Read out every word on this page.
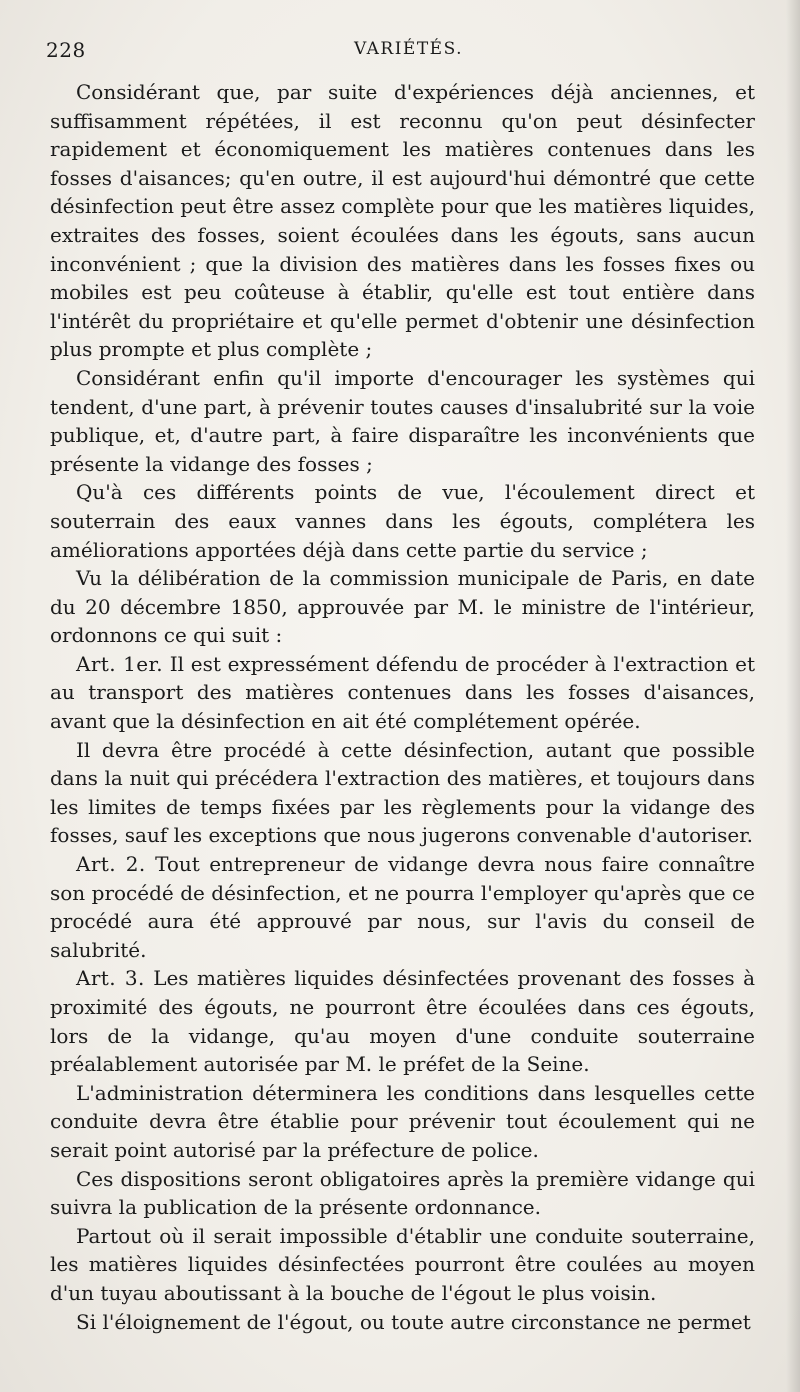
228	VARIÉTÉS.

Considérant que, par suite d'expériences déjà anciennes, et suffisamment répétées, il est reconnu qu'on peut désinfecter rapidement et économiquement les matières contenues dans les fosses d'aisances; qu'en outre, il est aujourd'hui démontré que cette désinfection peut être assez complète pour que les matières liquides, extraites des fosses, soient écoulées dans les égouts, sans aucun inconvénient ; que la division des matières dans les fosses fixes ou mobiles est peu coûteuse à établir, qu'elle est tout entière dans l'intérêt du propriétaire et qu'elle permet d'obtenir une désinfection plus prompte et plus complète ;

Considérant enfin qu'il importe d'encourager les systèmes qui tendent, d'une part, à prévenir toutes causes d'insalubrité sur la voie publique, et, d'autre part, à faire disparaître les inconvénients que présente la vidange des fosses ;

Qu'à ces différents points de vue, l'écoulement direct et souterrain des eaux vannes dans les égouts, complétera les améliorations apportées déjà dans cette partie du service ;

Vu la délibération de la commission municipale de Paris, en date du 20 décembre 1850, approuvée par M. le ministre de l'intérieur, ordonnons ce qui suit :

Art. 1er. Il est expressément défendu de procéder à l'extraction et au transport des matières contenues dans les fosses d'aisances, avant que la désinfection en ait été complétement opérée.

Il devra être procédé à cette désinfection, autant que possible dans la nuit qui précédera l'extraction des matières, et toujours dans les limites de temps fixées par les règlements pour la vidange des fosses, sauf les exceptions que nous jugerons convenable d'autoriser.

Art. 2. Tout entrepreneur de vidange devra nous faire connaître son procédé de désinfection, et ne pourra l'employer qu'après que ce procédé aura été approuvé par nous, sur l'avis du conseil de salubrité.

Art. 3. Les matières liquides désinfectées provenant des fosses à proximité des égouts, ne pourront être écoulées dans ces égouts, lors de la vidange, qu'au moyen d'une conduite souterraine préalablement autorisée par M. le préfet de la Seine.

L'administration déterminera les conditions dans lesquelles cette conduite devra être établie pour prévenir tout écoulement qui ne serait point autorisé par la préfecture de police.

Ces dispositions seront obligatoires après la première vidange qui suivra la publication de la présente ordonnance.

Partout où il serait impossible d'établir une conduite souterraine, les matières liquides désinfectées pourront être coulées au moyen d'un tuyau aboutissant à la bouche de l'égout le plus voisin.

Si l'éloignement de l'égout, ou toute autre circonstance ne permet
